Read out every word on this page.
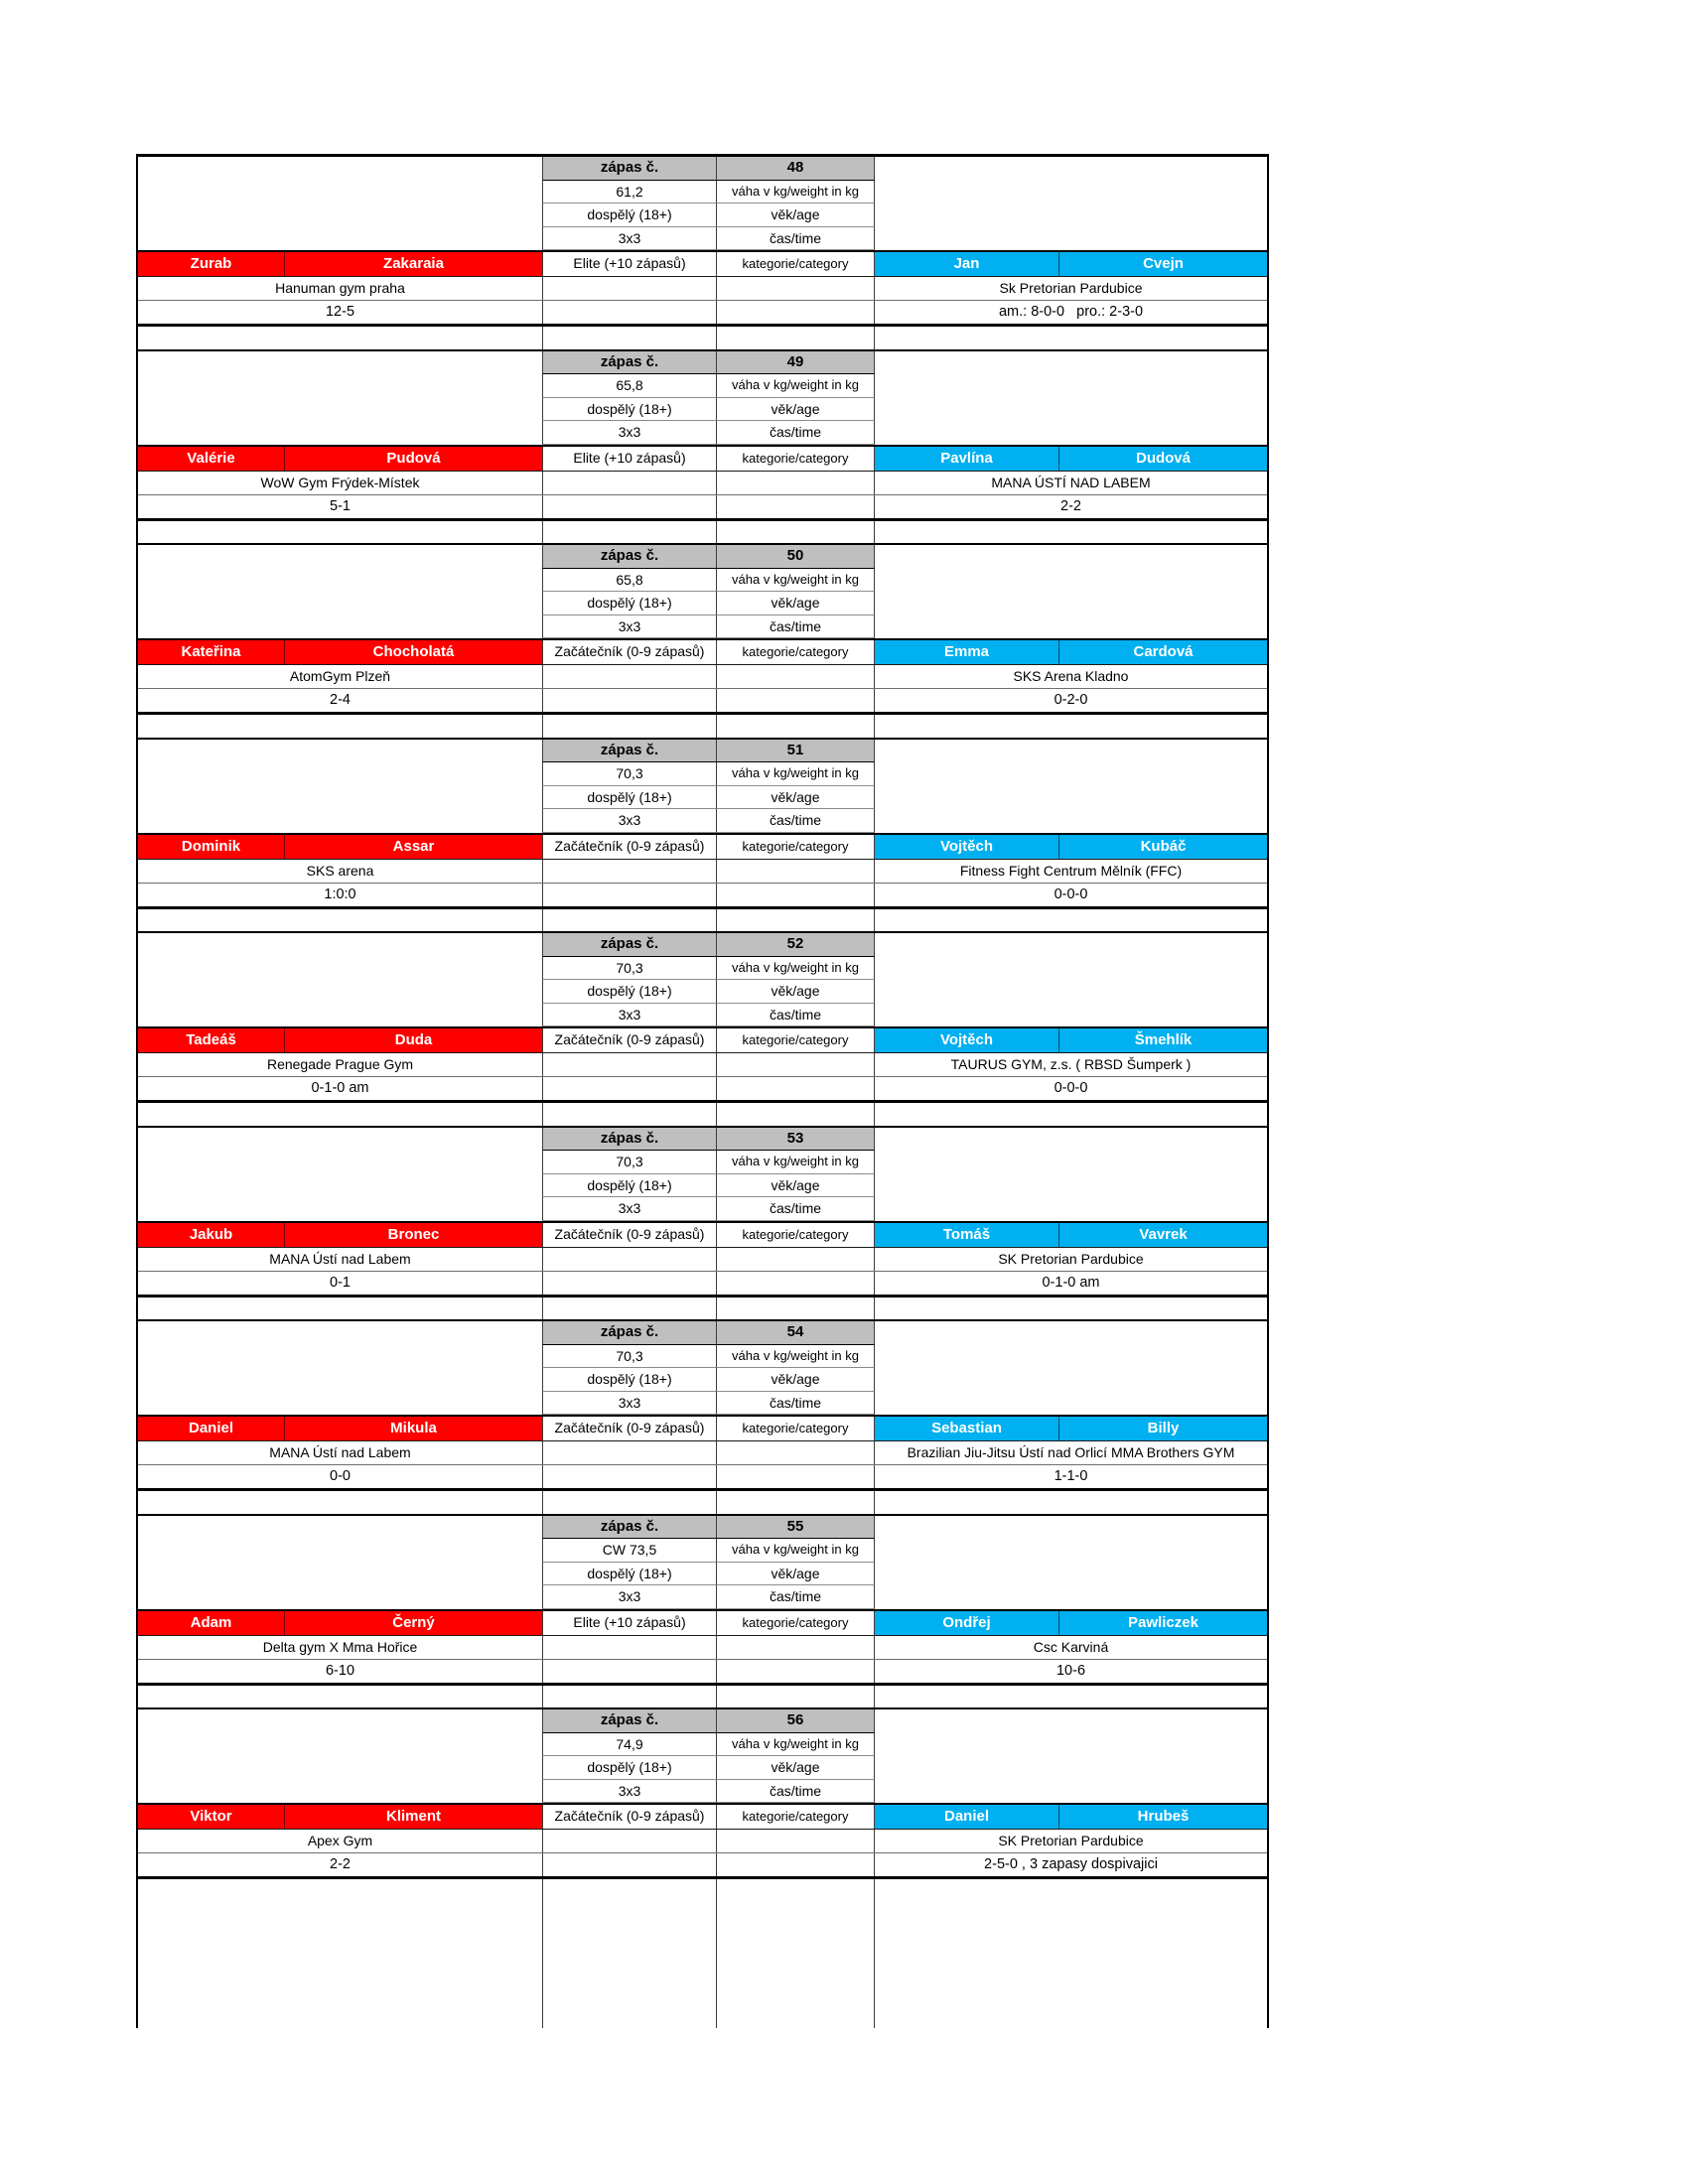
zápas č.	48
61,2	váha v kg/weight in kg
dospělý (18+)	věk/age
3x3	čas/time
Zurab	Zakaraia	Elite (+10 zápasů)	kategorie/category	Jan	Cvejn
Hanuman gym praha	Sk Pretorian Pardubice
12-5	am.: 8-0-0   pro.: 2-3-0
zápas č.	49
65,8	váha v kg/weight in kg
dospělý (18+)	věk/age
3x3	čas/time
Valérie	Pudová	Elite (+10 zápasů)	kategorie/category	Pavlína	Dudová
WoW Gym Frýdek-Místek	MANA ÚSTÍ NAD LABEM
5-1	2-2
zápas č.	50
65,8	váha v kg/weight in kg
dospělý (18+)	věk/age
3x3	čas/time
Kateřina	Chocholatá	Začátečník (0-9 zápasů)	kategorie/category	Emma	Cardová
AtomGym Plzeň	SKS Arena Kladno
2-4	0-2-0
zápas č.	51
70,3	váha v kg/weight in kg
dospělý (18+)	věk/age
3x3	čas/time
Dominik	Assar	Začátečník (0-9 zápasů)	kategorie/category	Vojtěch	Kubáč
SKS arena	Fitness Fight Centrum Mělník (FFC)
1:0:0	0-0-0
zápas č.	52
70,3	váha v kg/weight in kg
dospělý (18+)	věk/age
3x3	čas/time
Tadeáš	Duda	Začátečník (0-9 zápasů)	kategorie/category	Vojtěch	Šmehlík
Renegade Prague Gym	TAURUS GYM, z.s. ( RBSD Šumperk )
0-1-0 am	0-0-0
zápas č.	53
70,3	váha v kg/weight in kg
dospělý (18+)	věk/age
3x3	čas/time
Jakub	Bronec	Začátečník (0-9 zápasů)	kategorie/category	Tomáš	Vavrek
MANA Ústí nad Labem	SK Pretorian Pardubice
0-1	0-1-0 am
zápas č.	54
70,3	váha v kg/weight in kg
dospělý (18+)	věk/age
3x3	čas/time
Daniel	Mikula	Začátečník (0-9 zápasů)	kategorie/category	Sebastian	Billy
MANA Ústí nad Labem	Brazilian Jiu-Jitsu Ústí nad Orlicí MMA Brothers GYM
0-0	1-1-0
zápas č.	55
CW 73,5	váha v kg/weight in kg
dospělý (18+)	věk/age
3x3	čas/time
Adam	Černý	Elite (+10 zápasů)	kategorie/category	Ondřej	Pawliczek
Delta gym X Mma Hořice	Csc Karviná
6-10	10-6
zápas č.	56
74,9	váha v kg/weight in kg
dospělý (18+)	věk/age
3x3	čas/time
Viktor	Kliment	Začátečník (0-9 zápasů)	kategorie/category	Daniel	Hrubeš
Apex Gym	SK Pretorian Pardubice
2-2	2-5-0 , 3 zapasy dospivajici
